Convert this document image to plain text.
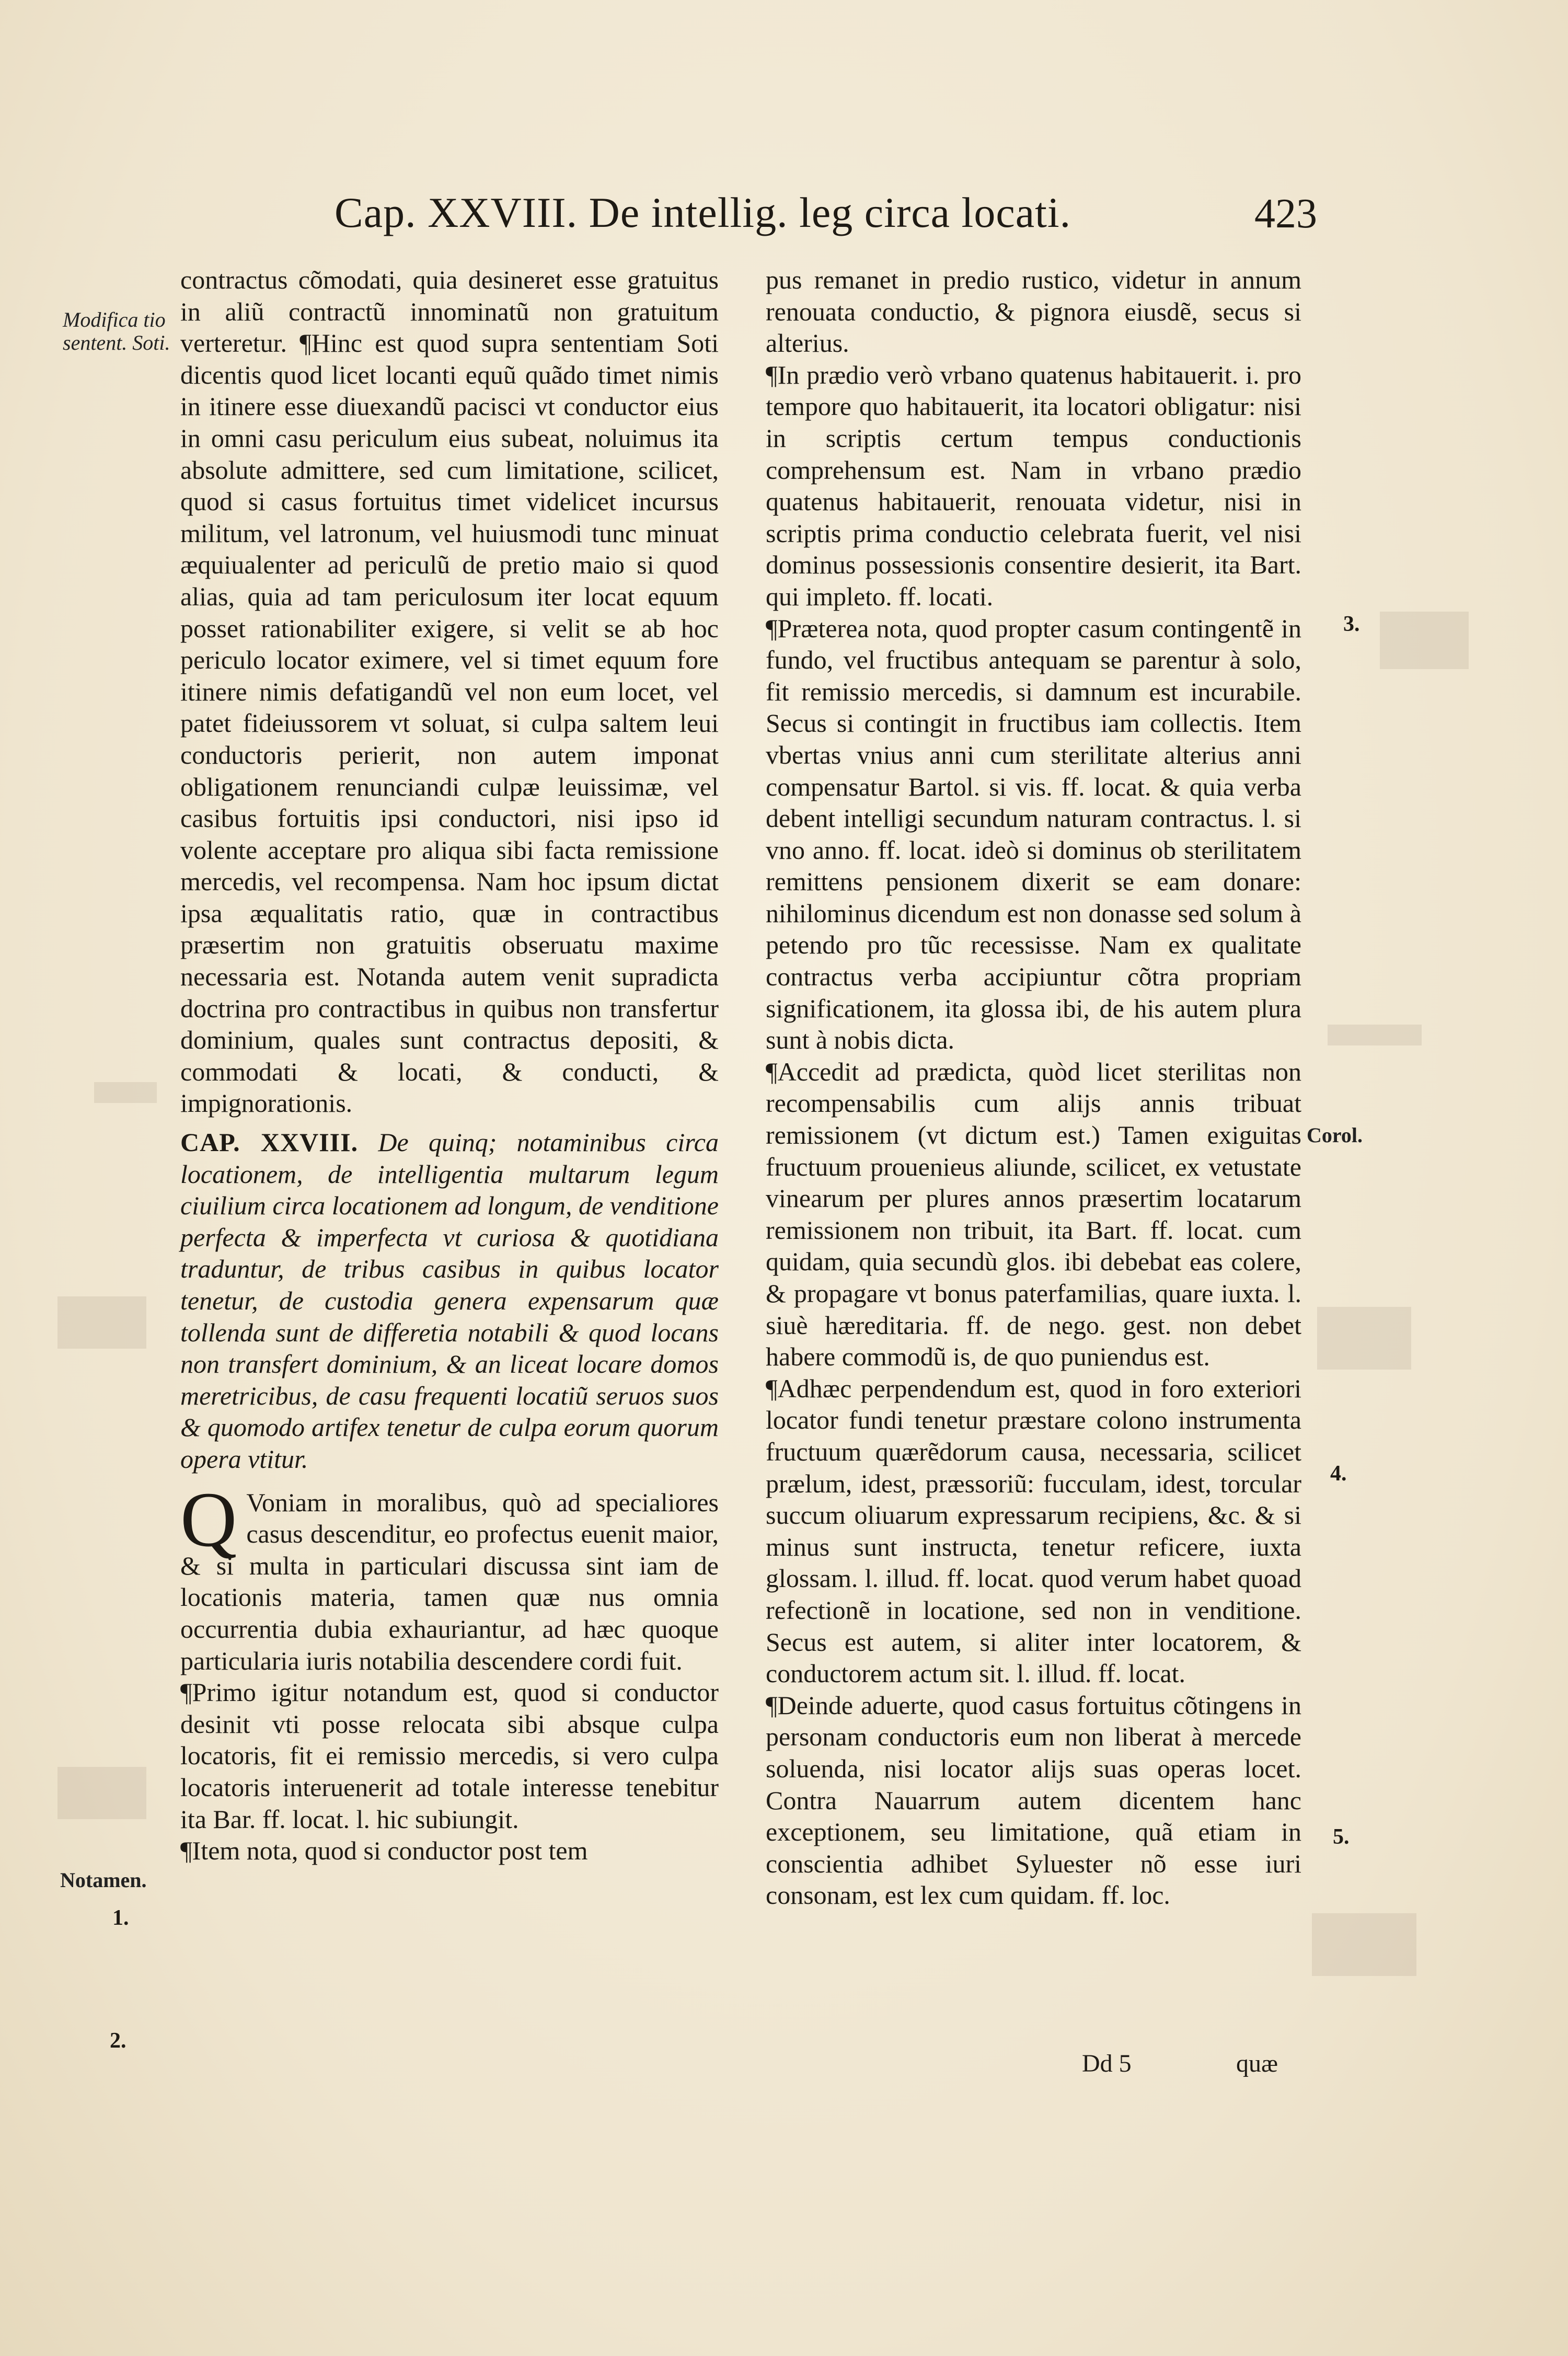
Cap. XXVIII. De intellig. leg circa locati.	423
Modifica tio sentent. Soti.
Notamen.
1.
2.
Corol.
3.
4.
5.

contractus cõmodati, quia desineret esse gratuitus in aliũ contractũ innominatũ non gratuitum verteretur. ¶Hinc est quod supra sententiam Soti dicentis quod licet locanti equũ quãdo timet nimis in itinere esse diuexandũ pacisci vt conductor eius in omni casu periculum eius subeat, noluimus ita absolute admittere, sed cum limitatione, scilicet, quod si casus fortuitus timet videlicet incursus militum, vel latronum, vel huiusmodi tunc minuat æquiualenter ad periculũ de pretio maio si quod alias, quia ad tam periculosum iter locat equum posset rationabiliter exigere, si velit se ab hoc periculo locator eximere, vel si timet equum fore itinere nimis defatigandũ vel non eum locet, vel patet fideiussorem vt soluat, si culpa saltem leui conductoris perierit, non autem imponat obligationem renunciandi culpæ leuissimæ, vel casibus fortuitis ipsi conductori, nisi ipso id volente acceptare pro aliqua sibi facta remissione mercedis, vel recompensa. Nam hoc ipsum dictat ipsa æqualitatis ratio, quæ in contractibus præsertim non gratuitis obseruatu maxime necessaria est. Notanda autem venit supradicta doctrina pro contractibus in quibus non transfertur dominium, quales sunt contractus depositi, & commodati & locati, & conducti, & impignorationis.

CAP. XXVIII. De quinq; notaminibus circa locationem, de intelligentia multarum legum ciuilium circa locationem ad longum, de venditione perfecta & imperfecta vt curiosa & quotidiana traduntur, de tribus casibus in quibus locator tenetur, de custodia genera expensarum quæ tollenda sunt de differetia notabili & quod locans non transfert dominium, & an liceat locare domos meretricibus, de casu frequenti locatiũ seruos suos & quomodo artifex tenetur de culpa eorum quorum opera vtitur.

Q Voniam in moralibus, quò ad specialiores casus descenditur, eo profectus euenit maior, & si multa in particulari discussa sint iam de locationis materia, tamen quæ nus omnia occurrentia dubia exhauriantur, ad hæc quoque particularia iuris notabilia descendere cordi fuit.

¶Primo igitur notandum est, quod si conductor desinit vti posse relocata sibi absque culpa locatoris, fit ei remissio mercedis, si vero culpa locatoris interuenerit ad totale interesse tenebitur ita Bar. ff. locat. l. hic subiungit.

¶Item nota, quod si conductor post tem

pus remanet in predio rustico, videtur in annum renouata conductio, & pignora eiusdẽ, secus si alterius.

¶In prædio verò vrbano quatenus habitauerit. i. pro tempore quo habitauerit, ita locatori obligatur: nisi in scriptis certum tempus conductionis comprehensum est. Nam in vrbano prædio quatenus habitauerit, renouata videtur, nisi in scriptis prima conductio celebrata fuerit, vel nisi dominus possessionis consentire desierit, ita Bart. qui impleto. ff. locati.

¶Præterea nota, quod propter casum contingentẽ in fundo, vel fructibus antequam se parentur à solo, fit remissio mercedis, si damnum est incurabile. Secus si contingit in fructibus iam collectis. Item vbertas vnius anni cum sterilitate alterius anni compensatur Bartol. si vis. ff. locat. & quia verba debent intelligi secundum naturam contractus. l. si vno anno. ff. locat. ideò si dominus ob sterilitatem remittens pensionem dixerit se eam donare: nihilominus dicendum est non donasse sed solum à petendo pro tũc recessisse. Nam ex qualitate contractus verba accipiuntur cõtra propriam significationem, ita glossa ibi, de his autem plura sunt à nobis dicta.

¶Accedit ad prædicta, quòd licet sterilitas non recompensabilis cum alijs annis tribuat remissionem (vt dictum est.) Tamen exiguitas fructuum prouenieus aliunde, scilicet, ex vetustate vinearum per plures annos præsertim locatarum remissionem non tribuit, ita Bart. ff. locat. cum quidam, quia secundù glos. ibi debebat eas colere, & propagare vt bonus paterfamilias, quare iuxta. l. siuè hæreditaria. ff. de nego. gest. non debet habere commodũ is, de quo puniendus est.

¶Adhæc perpendendum est, quod in foro exteriori locator fundi tenetur præstare colono instrumenta fructuum quærẽdorum causa, necessaria, scilicet prælum, idest, præssoriũ: fucculam, idest, torcular succum oliuarum expressarum recipiens, &c. & si minus sunt instructa, tenetur reficere, iuxta glossam. l. illud. ff. locat. quod verum habet quoad refectionẽ in locatione, sed non in venditione. Secus est autem, si aliter inter locatorem, & conductorem actum sit. l. illud. ff. locat.

¶Deinde aduerte, quod casus fortuitus cõtingens in personam conductoris eum non liberat à mercede soluenda, nisi locator alijs suas operas locet. Contra Nauarrum autem dicentem hanc exceptionem, seu limitatione, quã etiam in conscientia adhibet Syluester nõ esse iuri consonam, est lex cum quidam. ff. loc.

Dd 5	quæ
